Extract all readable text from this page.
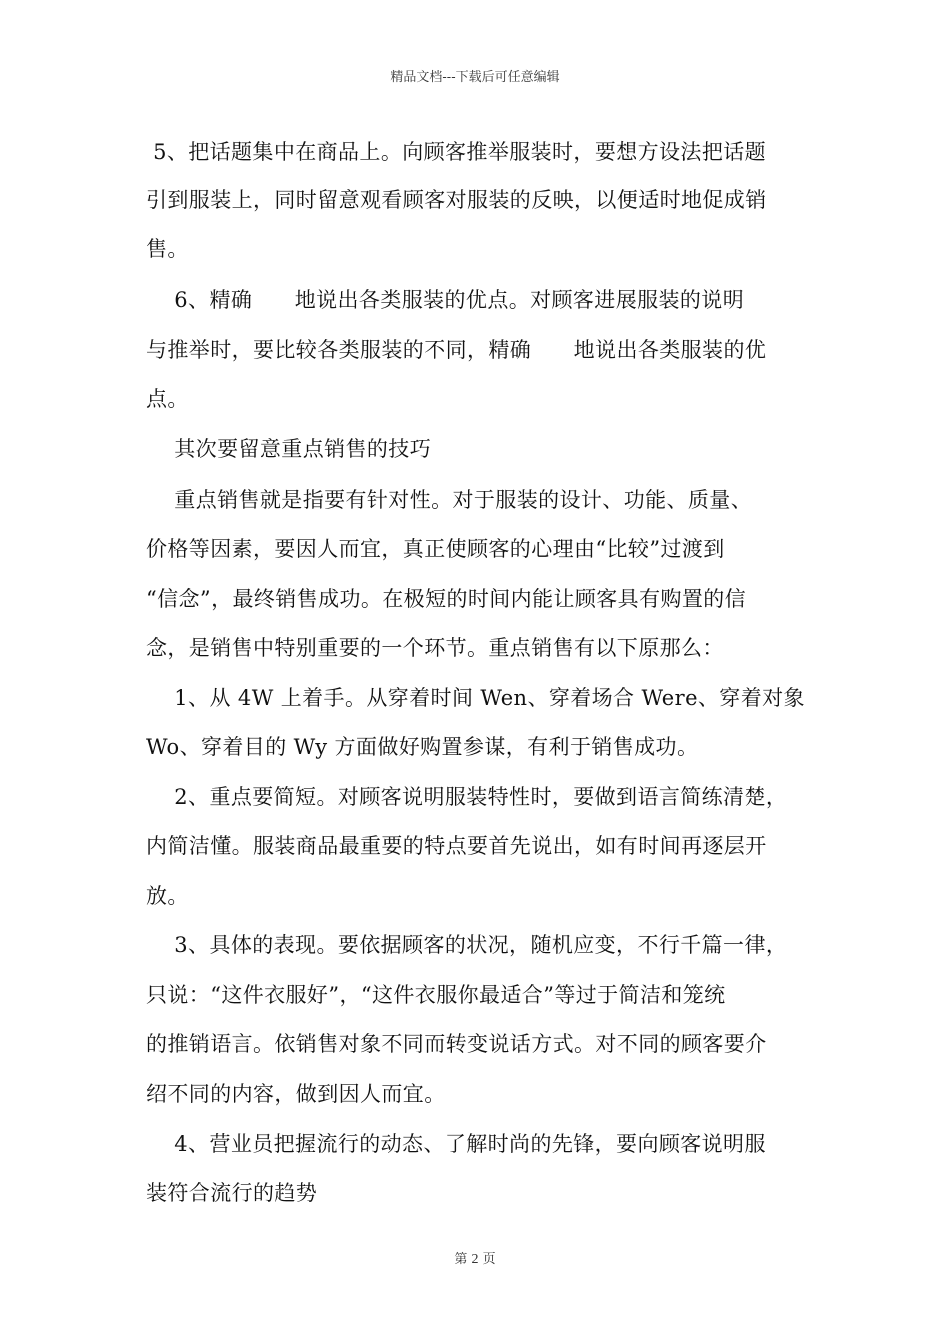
精品文档---下载后可任意编辑
5、把话题集中在商品上。向顾客推举服装时，要想方设法把话题
引到服装上，同时留意观看顾客对服装的反映，以便适时地促成销
售。
6、精确      地说出各类服装的优点。对顾客进展服装的说明
与推举时，要比较各类服装的不同，精确      地说出各类服装的优
点。
其次要留意重点销售的技巧
重点销售就是指要有针对性。对于服装的设计、功能、质量、
价格等因素，要因人而宜，真正使顾客的心理由“比较”过渡到
“信念”，最终销售成功。在极短的时间内能让顾客具有购置的信
念，是销售中特别重要的一个环节。重点销售有以下原那么：
1、从 4W 上着手。从穿着时间 Wen、穿着场合 Were、穿着对象
Wo、穿着目的 Wy 方面做好购置参谋，有利于销售成功。
2、重点要简短。对顾客说明服装特性时，要做到语言简练清楚，
内简洁懂。服装商品最重要的特点要首先说出，如有时间再逐层开
放。
3、具体的表现。要依据顾客的状况，随机应变，不行千篇一律，
只说：“这件衣服好”，“这件衣服你最适合”等过于简洁和笼统
的推销语言。依销售对象不同而转变说话方式。对不同的顾客要介
绍不同的内容，做到因人而宜。
4、营业员把握流行的动态、了解时尚的先锋，要向顾客说明服
装符合流行的趋势
第 2 页
